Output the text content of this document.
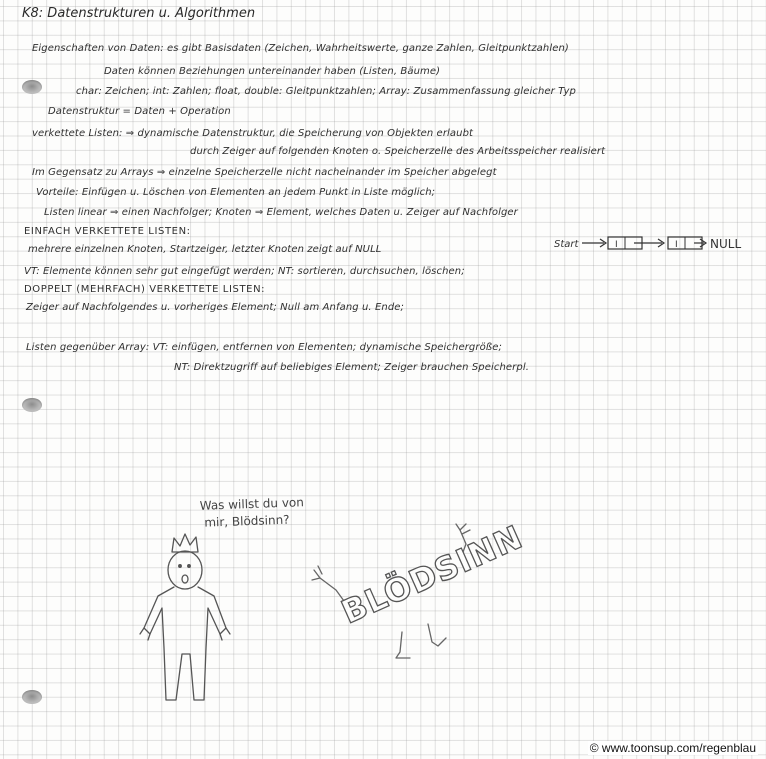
K8: Datenstrukturen u. Algorithmen

Eigenschaften von Daten: es gibt Basisdaten (Zeichen, Wahrheitswerte, ganze Zahlen, Gleitpunktzahlen)

Daten können Beziehungen untereinander haben (Listen, Bäume)

char: Zeichen; int: Zahlen; float, double: Gleitpunktzahlen; Array: Zusammenfassung gleicher Typ

Datenstruktur = Daten + Operation

verkettete Listen: ⇒ dynamische Datenstruktur, die Speicherung von Objekten erlaubt

durch Zeiger auf folgenden Knoten o. Speicherzelle des Arbeitsspeicher realisiert

Im Gegensatz zu Arrays ⇒ einzelne Speicherzelle nicht nacheinander im Speicher abgelegt

Vorteile: Einfügen u. Löschen von Elementen an jedem Punkt in Liste möglich;

Listen linear ⇒ einen Nachfolger; Knoten ⇒ Element, welches Daten u. Zeiger auf Nachfolger

EINFACH VERKETTETE LISTEN:

mehrere einzelnen Knoten, Startzeiger, letzter Knoten zeigt auf NULL

VT: Elemente können sehr gut eingefügt werden; NT: sortieren, durchsuchen, löschen;

DOPPELT (MEHRFACH) VERKETTETE LISTEN:

Zeiger auf Nachfolgendes u. vorheriges Element; Null am Anfang u. Ende;

Listen gegenüber Array: VT: einfügen, entfernen von Elementen; dynamische Speichergröße;

NT: Direktzugriff auf beliebiges Element; Zeiger brauchen Speicherpl.

Start	I	I	NULL

Was willst du von
mir, Blödsinn?	BLÖDSINN

© www.toonsup.com/regenblau
